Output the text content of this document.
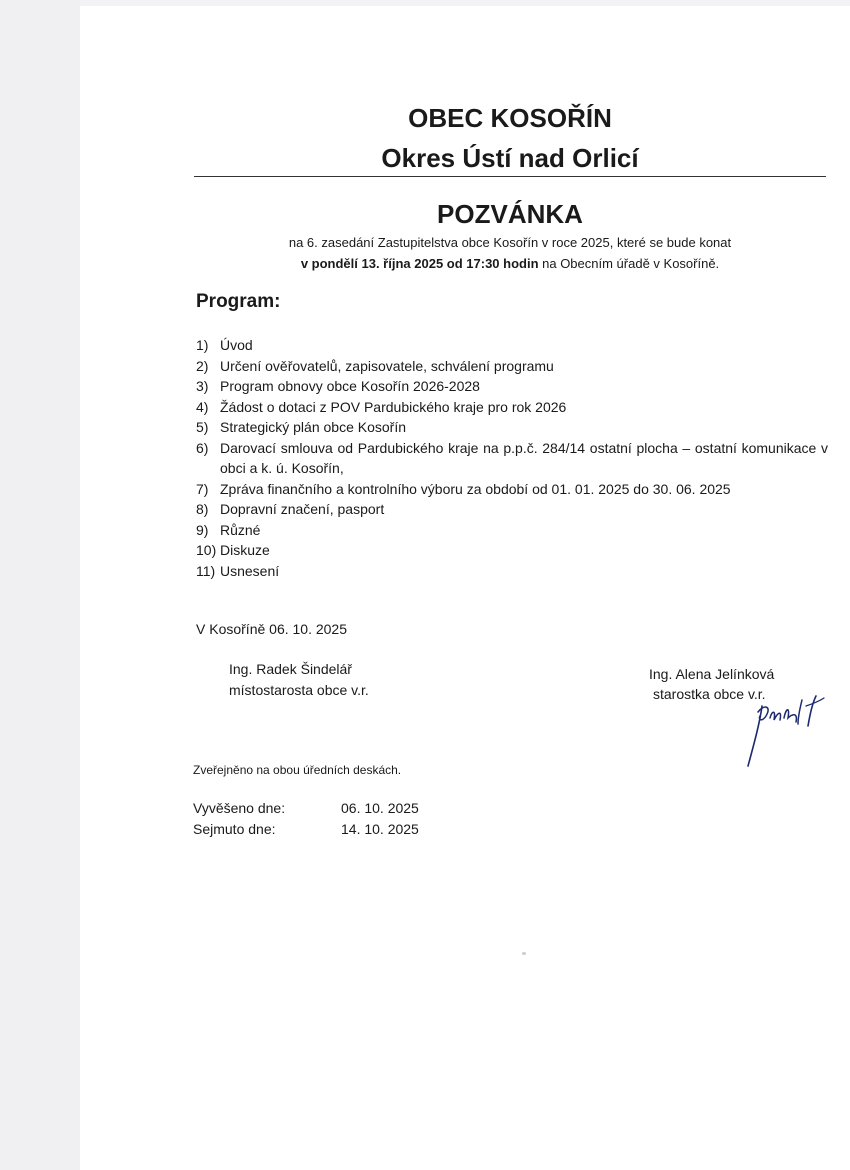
OBEC KOSOŘÍN
Okres Ústí nad Orlicí
POZVÁNKA
na 6. zasedání Zastupitelstva obce Kosořín v roce 2025, které se bude konat
v pondělí 13. října 2025 od 17:30 hodin na Obecním úřadě v Kosoříně.
Program:
1) Úvod
2) Určení ověřovatelů, zapisovatele, schválení programu
3) Program obnovy obce Kosořín 2026-2028
4) Žádost o dotaci z POV Pardubického kraje pro rok 2026
5) Strategický plán obce Kosořín
6) Darovací smlouva od Pardubického kraje na p.p.č. 284/14 ostatní plocha – ostatní komunikace v obci a k. ú. Kosořín,
7) Zpráva finančního a kontrolního výboru za období od 01. 01. 2025 do 30. 06. 2025
8) Dopravní značení, pasport
9) Různé
10) Diskuze
11) Usnesení
V Kosoříně 06. 10. 2025
Ing. Radek Šindelář
místostarosta obce v.r.
Ing. Alena Jelínková
starostka obce v.r.
Zveřejněno na obou úředních deskách.
Vyvěšeno dne:	06. 10. 2025
Sejmuto dne:	14. 10. 2025
